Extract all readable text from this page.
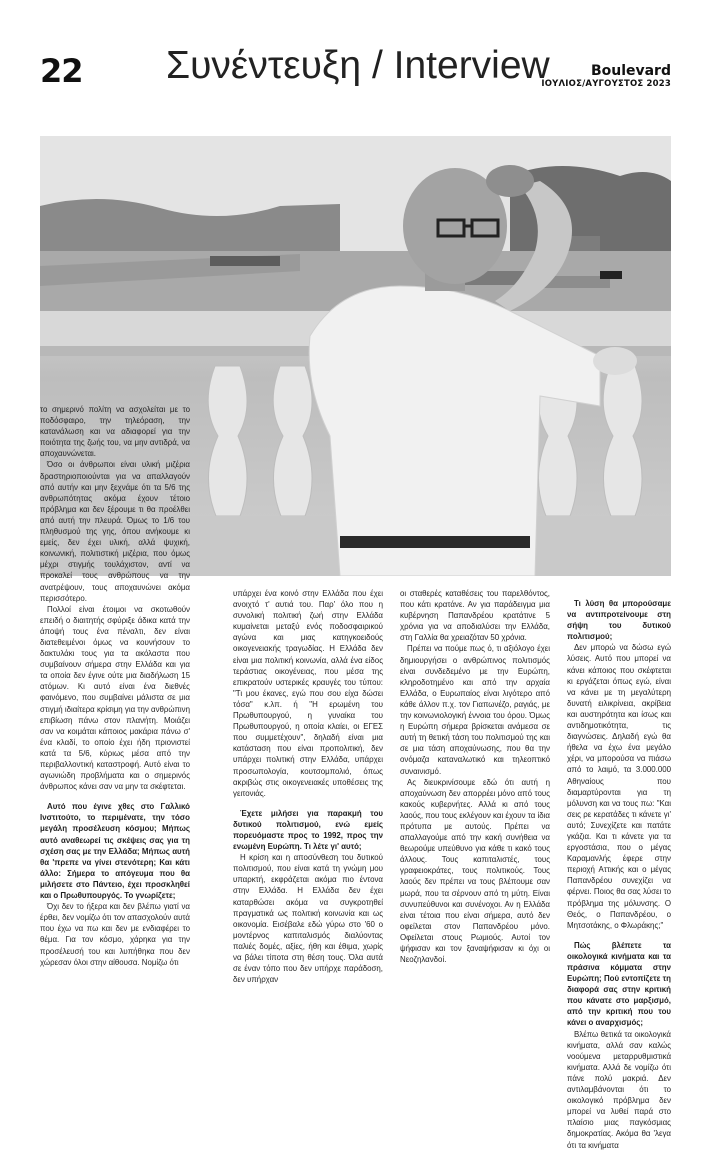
22 Συνέντευξη / Interview	Boulevard
ΙΟΥΛΙΟΣ/ΑΥΓΟΥΣΤΟΣ 2023

το σημερινό πολίτη να ασχολείται με το ποδόσφαιρο, την τηλεόραση, την κατανάλωση και να αδιαφορεί για την ποιότητα της ζωής του, να μην αντιδρά, να αποχαυνώνεται.

Όσο οι άνθρωποι είναι υλική μιζέρια δραστηριοποιούνται για να απαλλαγούν από αυτήν και μην ξεχνάμε ότι τα 5/6 της ανθρωπότητας ακόμα έχουν τέτοιο πρόβλημα και δεν ξέρουμε τι θα προέλθει από αυτή την πλευρά. Όμως το 1/6 του πληθυσμού της γης, όπου ανήκουμε κι εμείς, δεν έχει υλική, αλλά ψυχική, κοινωνική, πολιτιστική μιζέρια, που όμως μέχρι στιγμής τουλάχιστον, αντί να προκαλεί τους ανθρώπους να την ανατρέψουν, τους αποχαυνώνει ακόμα περισσότερο.

Πολλοί είναι έτοιμοι να σκοτωθούν επειδή ο διαιτητής σφύριξε άδικα κατά την άποψή τους ένα πέναλτι, δεν είναι διατεθειμένοι όμως να κουνήσουν το δακτυλάκι τους για τα ακόλαστα που συμβαίνουν σήμερα στην Ελλάδα και για τα οποία δεν έγινε ούτε μια διαδήλωση 15 ατόμων. Κι αυτό είναι ένα διεθνές φαινόμενο, που συμβαίνει μάλιστα σε μια στιγμή ιδιαίτερα κρίσιμη για την ανθρώπινη επιβίωση πάνω στον πλανήτη. Μοιάζει σαν να κοιμάται κάποιος μακάρια πάνω σ' ένα κλαδί, το οποίο έχει ήδη πριονιστεί κατά τα 5/6, κύριως μέσα από την περιβαλλοντική καταστροφή. Αυτό είναι το αγωνιώδη προβλήματα και ο σημερινός άνθρωπος κάνει σαν να μην τα σκέφτεται.

Αυτό που έγινε χθες στο Γαλλικό Ινστιτούτο, το περιμένατε, την τόσο μεγάλη προσέλευση κόσμου; Μήπως αυτό αναθεωρεί τις σκέψεις σας για τη σχέση σας με την Ελλάδα; Μήπως αυτή θα 'πρεπε να γίνει στενότερη; Και κάτι άλλο: Σήμερα το απόγευμα που θα μιλήσετε στο Πάντειο, έχει προσκληθεί και ο Πρωθυπουργός. Το γνωρίζετε;

Όχι δεν το ήξερα και δεν βλέπω γιατί να έρθει, δεν νομίζω ότι τον απασχολούν αυτά που έχω να πω και δεν με ενδιαφέρει το θέμα. Για τον κόσμο, χάρηκα για την προσέλευσή του και λυπήθηκα που δεν χώρεσαν όλοι στην αίθουσα. Νομίζω ότι

υπάρχει ένα κοινό στην Ελλάδα που έχει ανοιχτό τ' αυτιά του. Παρ' όλο που η συνολική πολιτική ζωή στην Ελλάδα κυμαίνεται μεταξύ ενός ποδοσφαιρικού αγώνα και μιας κατηγκοειδούς οικογενειακής τραγωδίας. Η Ελλάδα δεν είναι μια πολιτική κοινωνία, αλλά ένα είδος τεράστιας οικογένειας, που μέσα της επικρατούν υστερικές κραυγές του τύπου: "Τι μου έκανες, εγώ που σου είχα δώσει τόσα" κ.λπ. ή "Η ερωμένη του Πρωθυπουργού, η γυναίκα του Πρωθυπουργού, η οποία κλαίει, οι ΕΓΕΣ που συμμετέχουν", δηλαδή είναι μια κατάσταση που είναι προπολιτική, δεν υπάρχει πολιτική στην Ελλάδα, υπάρχει προσωπολογία, κουτσομπολιό, όπως ακριβώς στις οικογενειακές υποθέσεις της γειτονιάς.

Έχετε μιλήσει για παρακμή του δυτικού πολιτισμού, ενώ εμείς πορευόμαστε προς το 1992, προς την ενωμένη Ευρώπη. Τι λέτε γι' αυτό;

Η κρίση και η αποσύνθεση του δυτικού πολιτισμού, που είναι κατά τη γνώμη μου υπαρκτή, εκφράζεται ακόμα πιο έντονα στην Ελλάδα. Η Ελλάδα δεν έχει καταρθώσει ακόμα να συγκροτηθεί πραγματικά ως πολιτική κοινωνία και ως οικονομία. Εισέβαλε εδώ γύρω στο '60 ο μοντέρνος καπιταλισμός διαλύοντας παλιές δομές, αξίες, ήθη και έθιμα, χωρίς να βάλει τίποτα στη θέση τους. Όλα αυτά σε έναν τόπο που δεν υπήρχε παράδοση, δεν υπήρχαν

οι σταθερές καταθέσεις του παρελθόντος, που κάτι κρατάνε. Αν για παράδειγμα μια κυβέρνηση Παπανδρέου κρατάτινε 5 χρόνια για να αποδιαλύσει την Ελλάδα, στη Γαλλία θα χρειαζόταν 50 χρόνια.

Πρέπει να πούμε πως ό, τι αξιόλογο έχει δημιουργήσει ο ανθρώπινος πολιτισμός είναι συνδεδεμένο με την Ευρώπη, κληροδοτημένο και από την αρχαία Ελλάδα, ο Ευρωπαίος είναι λιγότερο από κάθε άλλον π.χ. τον Γιαπωνέζο, ραγιάς, με την κοινωνιολογική έννοια του όρου. Όμως η Ευρώπη σήμερα βρίσκεται ανάμεσα σε αυτή τη θετική τάση του πολιτισμού της και σε μια τάση αποχαύνωσης, που θα την ονόμαζα καταναλωτικό και τηλεοπτικό συναινισμό.

Ας διευκρινίσουμε εδώ ότι αυτή η αποχαύνωση δεν απορρέει μόνο από τους κακούς κυβερνήτες. Αλλά κι από τους λαούς, που τους εκλέγουν και έχουν τα ίδια πρότυπα με αυτούς. Πρέπει να απαλλαγούμε από την κακή συνήθεια να θεωρούμε υπεύθυνο για κάθε τι κακό τους άλλους. Τους καπιταλιστές, τους γραφειοκράτες, τους πολιτικούς. Τους λαούς δεν πρέπει να τους βλέπουμε σαν μωρά, που τα σέρνουν από τη μύτη. Είναι συνυπεύθυνοι και συνένοχοι. Αν η Ελλάδα είναι τέτοια που είναι σήμερα, αυτό δεν οφείλεται στον Παπανδρέου μόνο. Οφείλεται στους Ρωμιούς. Αυτοί τον ψήφισαν και τον ξαναψήφισαν κι όχι οι Νεοζηλανδοί.

Τι λύση θα μπορούσαμε να αντιπροτείνουμε στη σήψη του δυτικού πολιτισμού;

Δεν μπορώ να δώσω εγώ λύσεις. Αυτό που μπορεί να κάνει κάποιος που σκέφτεται κι εργάζεται όπως εγώ, είναι να κάνει με τη μεγαλύτερη δυνατή ειλικρίνεια, ακρίβεια και αυστηρότητα και ίσως και αντιδημοτικότητα, τις διαγνώσεις. Δηλαδή εγώ θα ήθελα να έχω ένα μεγάλο χέρι, να μπορούσα να πιάσω από το λαιμό, τα 3.000.000 Αθηναίους που διαμαρτύρονται για τη μόλυνση και να τους πω: "Και σεις ρε κερατάδες τι κάνετε γι' αυτό; Συνεχίζετε και πατάτε γκάζια. Και τι κάνετε για τα εργοστάσια, που ο μέγας Καραμανλής έφερε στην περιοχή Αττικής και ο μέγας Παπανδρέου συνεχίζει να φέρνει. Ποιος θα σας λύσει το πρόβλημα της μόλυνσης. Ο Θεός, ο Παπανδρέου, ο Μητσοτάκης, ο Φλωράκης;"

Πώς βλέπετε τα οικολογικά κινήματα και τα πράσινα κόμματα στην Ευρώπη; Πού εντοπίζετε τη διαφορά σας στην κριτική που κάνατε στο μαρξισμό, από την κριτική που του κάνει ο αναρχισμός;

Βλέπω θετικά τα οικολογικά κινήματα, αλλά σαν καλώς νοούμενα μεταρρυθμιστικά κινήματα. Αλλά δε νομίζω ότι πάνε πολύ μακριά. Δεν αντιλαμβάνονται ότι το οικολογικό πρόβλημα δεν μπορεί να λυθεί παρά στο πλαίσιο μιας παγκόσμιας δημοκρατίας. Ακόμα θα 'λεγα ότι τα κινήματα
